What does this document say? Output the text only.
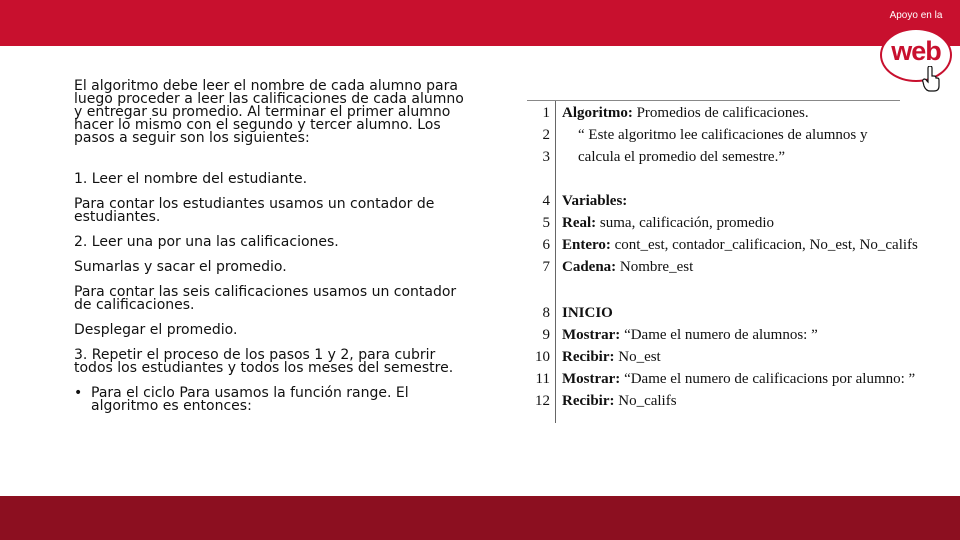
Apoyo en la
web

El algoritmo debe leer el nombre de cada alumno para luego proceder a leer las calificaciones de cada alumno y entregar su promedio. Al terminar el primer alumno hacer lo mismo con el segundo y tercer alumno. Los pasos a seguir son los siguientes:

1. Leer el nombre del estudiante.

Para contar los estudiantes usamos un contador de estudiantes.

2. Leer una por una las calificaciones.

Sumarlas y sacar el promedio.

Para contar las seis calificaciones usamos un contador de calificaciones.

Desplegar el promedio.

3. Repetir el proceso de los pasos 1 y 2, para cubrir todos los estudiantes y todos los meses del semestre.

• Para el ciclo Para usamos la función range. El algoritmo es entonces:

1 Algoritmo: Promedios de calificaciones.
2 “ Este algoritmo lee calificaciones de alumnos y
3 calcula el promedio del semestre.”
4 Variables:
5 Real: suma, calificación, promedio
6 Entero: cont_est, contador_calificacion, No_est, No_califs
7 Cadena: Nombre_est
8 INICIO
9 Mostrar: “Dame el numero de alumnos: ”
10 Recibir: No_est
11 Mostrar: “Dame el numero de calificacions por alumno: ”
12 Recibir: No_califs
